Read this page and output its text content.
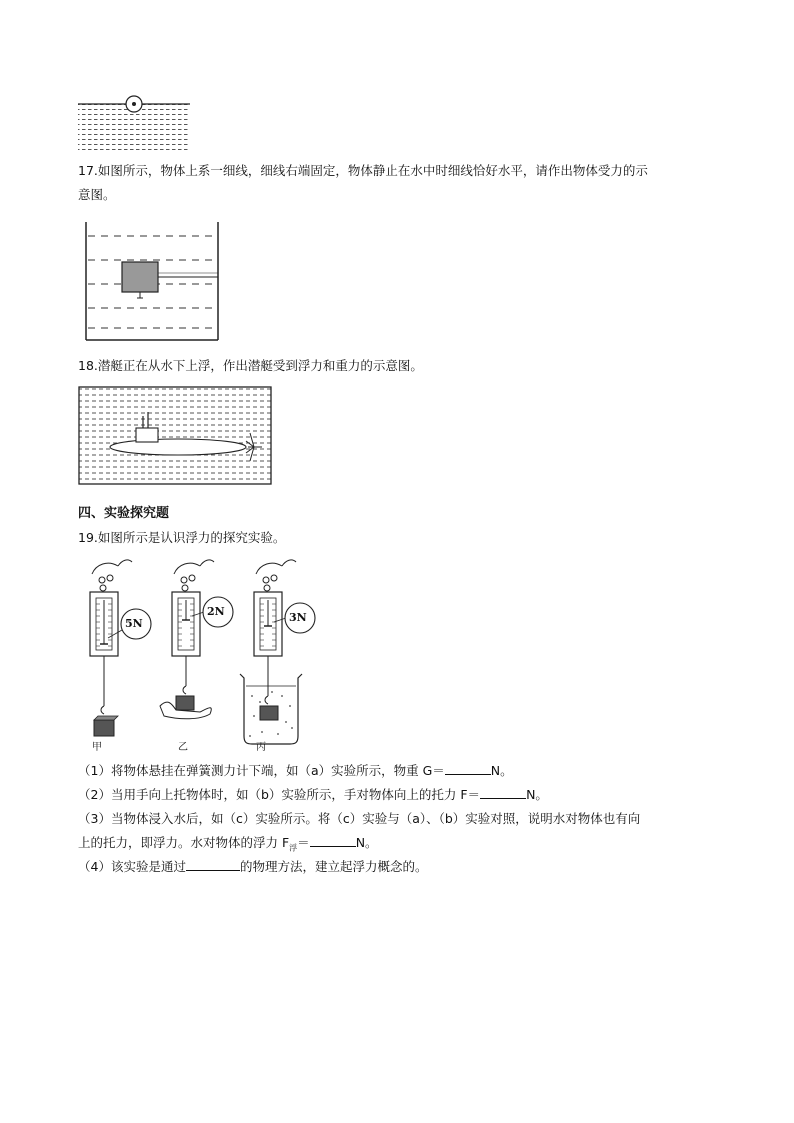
17.如图所示，物体上系一细线，细线右端固定，物体静止在水中时细线恰好水平，请作出物体受力的示
意图。
18.潜艇正在从水下上浮，作出潜艇受到浮力和重力的示意图。
四、实验探究题
19.如图所示是认识浮力的探究实验。
5N
2N	3N
甲	乙	丙
（1）将物体悬挂在弹簧测力计下端，如（a）实验所示，物重 G＝	N。
（2）当用手向上托物体时，如（b）实验所示，手对物体向上的托力 F＝	N。
（3）当物体浸入水后，如（c）实验所示。将（c）实验与（a）、（b）实验对照，说明水对物体也有向
上的托力，即浮力。水对物体的浮力 $F_浮=$	N。
（4）该实验是通过	的物理方法，建立起浮力概念的。
